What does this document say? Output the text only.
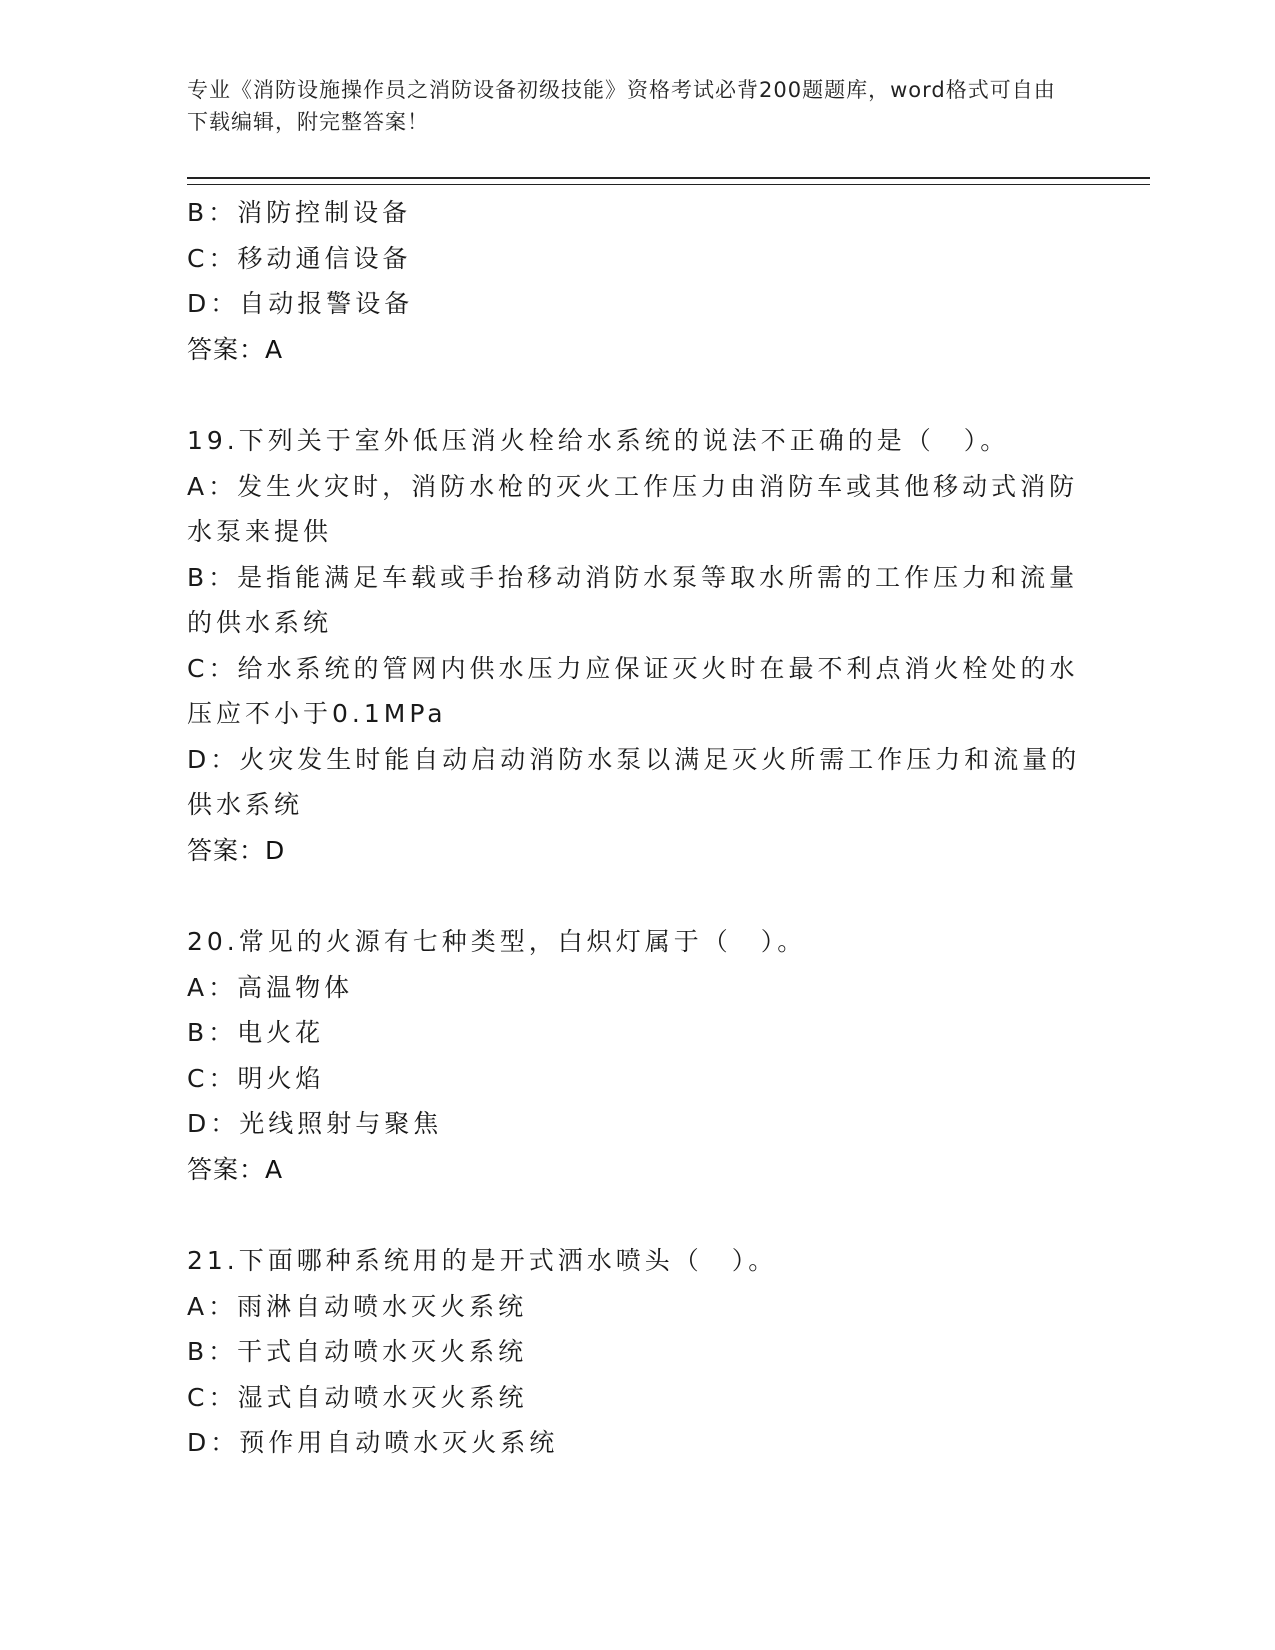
专业《消防设施操作员之消防设备初级技能》资格考试必背200题题库，word格式可自由下载编辑，附完整答案！
B：消防控制设备
C：移动通信设备
D：自动报警设备
答案：A
19.下列关于室外低压消火栓给水系统的说法不正确的是（　）。
A：发生火灾时，消防水枪的灭火工作压力由消防车或其他移动式消防水泵来提供
B：是指能满足车载或手抬移动消防水泵等取水所需的工作压力和流量的供水系统
C：给水系统的管网内供水压力应保证灭火时在最不利点消火栓处的水压应不小于0.1MPa
D：火灾发生时能自动启动消防水泵以满足灭火所需工作压力和流量的供水系统
答案：D
20.常见的火源有七种类型，白炽灯属于（　）。
A：高温物体
B：电火花
C：明火焰
D：光线照射与聚焦
答案：A
21.下面哪种系统用的是开式洒水喷头（　）。
A：雨淋自动喷水灭火系统
B：干式自动喷水灭火系统
C：湿式自动喷水灭火系统
D：预作用自动喷水灭火系统
